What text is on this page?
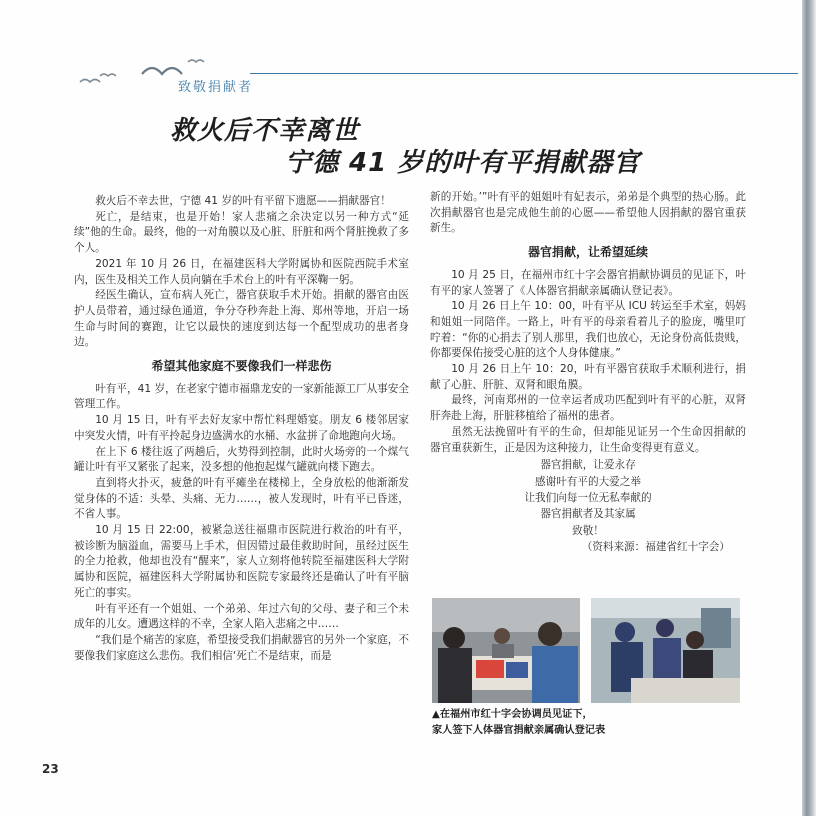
致敬捐献者
救火后不幸离世
宁德 41 岁的叶有平捐献器官

救火后不幸去世，宁德 41 岁的叶有平留下遗愿——捐献器官！

死亡，是结束，也是开始！家人悲痛之余决定以另一种方式“延续”他的生命。最终，他的一对角膜以及心脏、肝脏和两个肾脏挽救了多个人。

2021 年 10 月 26 日，在福建医科大学附属协和医院西院手术室内，医生及相关工作人员向躺在手术台上的叶有平深鞠一躬。

经医生确认，宣布病人死亡，器官获取手术开始。捐献的器官由医护人员带着，通过绿色通道，争分夺秒奔赴上海、郑州等地，开启一场生命与时间的赛跑，让它以最快的速度到达每一个配型成功的患者身边。

希望其他家庭不要像我们一样悲伤

叶有平，41 岁，在老家宁德市福鼎龙安的一家新能源工厂从事安全管理工作。

10 月 15 日，叶有平去好友家中帮忙料理婚宴。朋友 6 楼邻居家中突发火情，叶有平拎起身边盛满水的水桶、水盆拼了命地跑向火场。

在上下 6 楼往返了两趟后，火势得到控制，此时火场旁的一个煤气罐让叶有平又紧张了起来，没多想的他抱起煤气罐就向楼下跑去。

直到将火扑灭，疲惫的叶有平瘫坐在楼梯上，全身放松的他渐渐发觉身体的不适：头晕、头痛、无力……，被人发现时，叶有平已昏迷，不省人事。

10 月 15 日 22:00，被紧急送往福鼎市医院进行救治的叶有平，被诊断为脑溢血，需要马上手术，但因错过最佳救助时间，虽经过医生的全力抢救，他却也没有“醒来”，家人立刻将他转院至福建医科大学附属协和医院，福建医科大学附属协和医院专家最终还是确认了叶有平脑死亡的事实。

叶有平还有一个姐姐、一个弟弟、年过六旬的父母、妻子和三个未成年的儿女。遭遇这样的不幸，全家人陷入悲痛之中……

“我们是个痛苦的家庭，希望接受我们捐献器官的另外一个家庭，不要像我们家庭这么悲伤。我们相信‘死亡不是结束，而是

新的开始。’”叶有平的姐姐叶有妃表示，弟弟是个典型的热心肠。此次捐献器官也是完成他生前的心愿——希望他人因捐献的器官重获新生。

器官捐献，让希望延续

10 月 25 日，在福州市红十字会器官捐献协调员的见证下，叶有平的家人签署了《人体器官捐献亲属确认登记表》。

10 月 26 日上午 10：00，叶有平从 ICU 转运至手术室，妈妈和姐姐一同陪伴。一路上，叶有平的母亲看着儿子的脸庞，嘴里叮咛着：“你的心捐去了别人那里，我们也放心，无论身份高低贵贱，你都要保佑接受心脏的这个人身体健康。”

10 月 26 日上午 10：20，叶有平器官获取手术顺利进行，捐献了心脏、肝脏、双肾和眼角膜。

最终，河南郑州的一位幸运者成功匹配到叶有平的心脏，双肾肝奔赴上海，肝脏移植给了福州的患者。

虽然无法挽留叶有平的生命，但却能见证另一个生命因捐献的器官重获新生，正是因为这种接力，让生命变得更有意义。

器官捐献，让爱永存
感谢叶有平的大爱之举
让我们向每一位无私奉献的
器官捐献者及其家属
致敬！
（资料来源：福建省红十字会）
▲在福州市红十字会协调员见证下，
家人签下人体器官捐献亲属确认登记表
23
